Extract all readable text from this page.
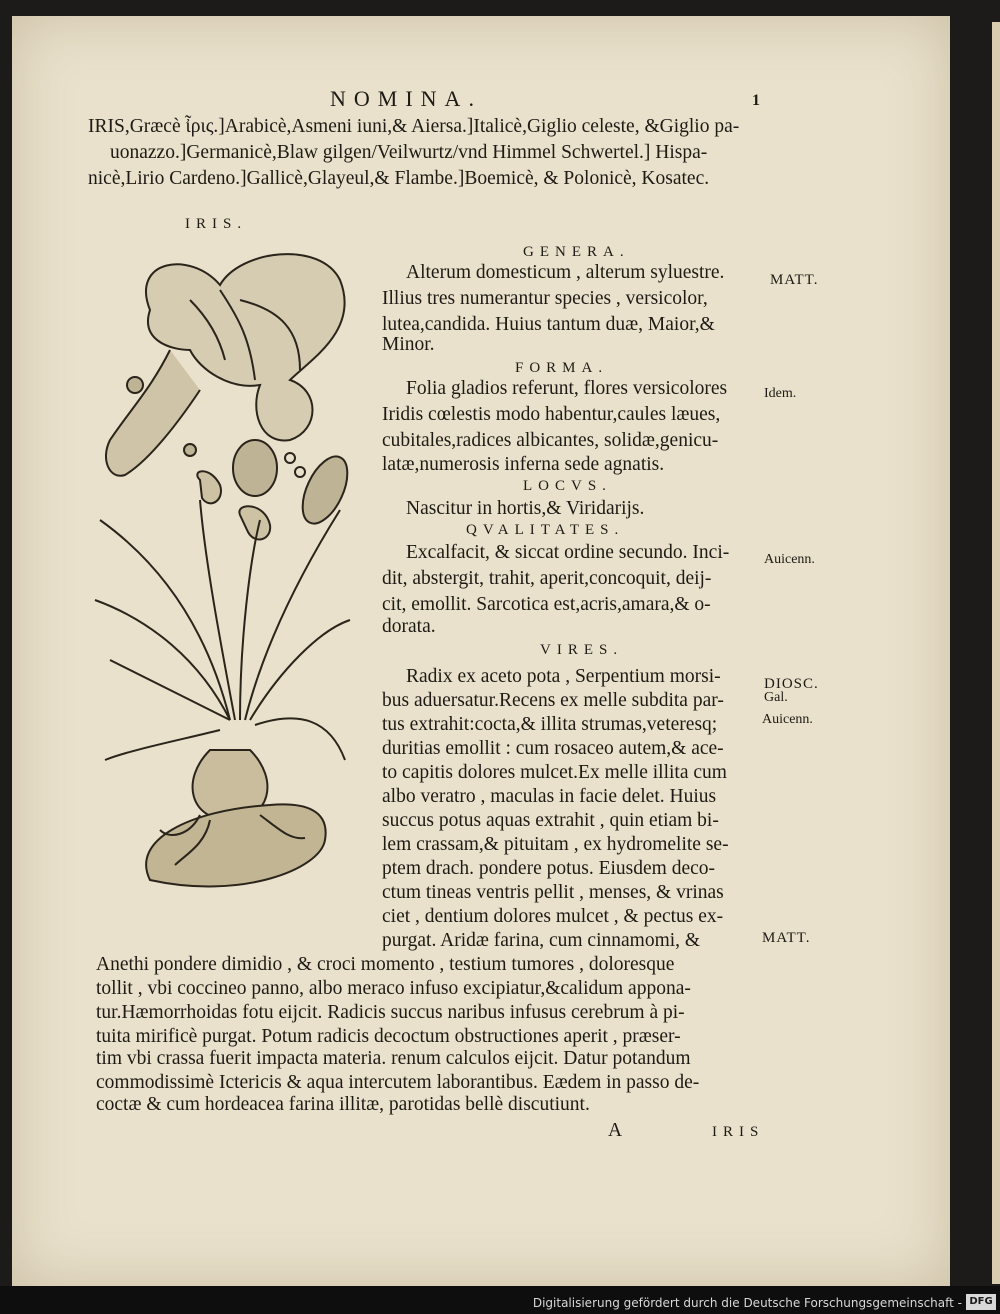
NOMINA.	1
IRIS,Græcè ἶρις.]Arabicè,Asmeni iuni,& Aiersa.]Italicè,Giglio celeste, &Giglio pa-
uonazzo.]Germanicè,Blaw gilgen/Veilwurtz/vnd Himmel Schwertel.] Hispa-
nicè,Lirio Cardeno.]Gallicè,Glayeul,& Flambe.]Boemicè, & Polonicè, Kosatec.
IRIS.
GENERA.
Alterum domesticum , alterum syluestre.
Illius tres numerantur species , versicolor,
lutea,candida. Huius tantum duæ, Maior,&
Minor.
FORMA.
Folia gladios referunt, flores versicolores
Iridis cœlestis modo habentur,caules læues,
cubitales,radices albicantes, solidæ,genicu-
latæ,numerosis inferna sede agnatis.
LOCVS.
Nascitur in hortis,& Viridarijs.
QVALITATES.
Excalfacit, & siccat ordine secundo. Inci-
dit, abstergit, trahit, aperit,concoquit, deij-
cit, emollit. Sarcotica est,acris,amara,& o-
dorata.
VIRES.
Radix ex aceto pota , Serpentium morsi-
bus aduersatur.Recens ex melle subdita par-
tus extrahit:cocta,& illita strumas,veteresq;
duritias emollit : cum rosaceo autem,& ace-
to capitis dolores mulcet.Ex melle illita cum
albo veratro , maculas in facie delet. Huius
succus potus aquas extrahit , quin etiam bi-
lem crassam,& pituitam , ex hydromelite se-
ptem drach. pondere potus. Eiusdem deco-
ctum tineas ventris pellit , menses, & vrinas
ciet , dentium dolores mulcet , & pectus ex-
purgat. Aridæ farina, cum cinnamomi, &
Anethi pondere dimidio , & croci momento , testium tumores , doloresque
tollit , vbi coccineo panno, albo meraco infuso excipiatur,&calidum appona-
tur.Hæmorrhoidas fotu eijcit. Radicis succus naribus infusus cerebrum à pi-
tuita mirificè purgat. Potum radicis decoctum obstructiones aperit , præser-
tim vbi crassa fuerit impacta materia. renum calculos eijcit. Datur potandum
commodissimè Ictericis & aqua intercutem laborantibus. Eædem in passo de-
coctæ & cum hordeacea farina illitæ, parotidas bellè discutiunt.
MATT.
Idem.
Auicenn.
DIOSC.
Gal.
Auicenn.
MATT.
A	IRIS
Digitalisierung gefördert durch die Deutsche Forschungsgemeinschaft - DFG
